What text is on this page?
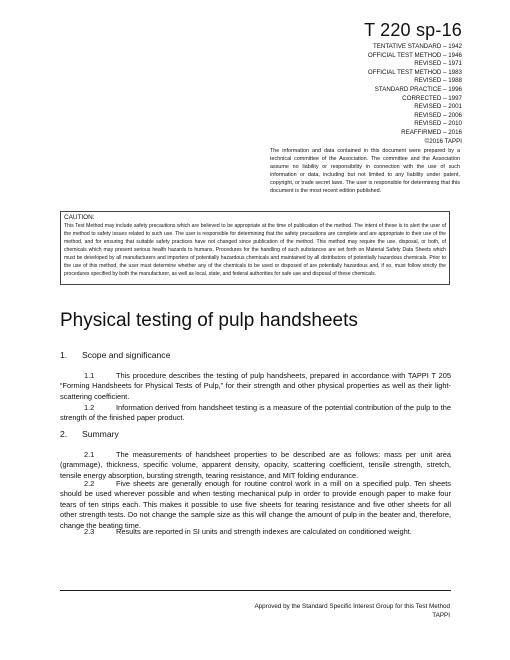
T 220 sp-16
TENTATIVE STANDARD – 1942
OFFICIAL TEST METHOD – 1946
REVISED – 1971
OFFICIAL TEST METHOD – 1983
REVISED – 1988
STANDARD PRACTICE – 1996
CORRECTED – 1997
REVISED – 2001
REVISED – 2006
REVISED – 2010
REAFFIRMED – 2016
©2016 TAPPI
The information and data contained in this document were prepared by a technical committee of the Association. The committee and the Association assume no liability or responsibility in connection with the use of such information or data, including but not limited to any liability under patent, copyright, or trade secret laws. The user is responsible for determining that this document is the most recent edition published.
CAUTION:
This Test Method may include safety precautions which are believed to be appropriate at the time of publication of the method. The intent of these is to alert the user of the method to safety issues related to such use. The user is responsible for determining that the safety precautions are complete and are appropriate to their use of the method, and for ensuring that suitable safety practices have not changed since publication of the method. This method may require the use, disposal, or both, of chemicals which may present serious health hazards to humans. Procedures for the handling of such substances are set forth on Material Safety Data Sheets which must be developed by all manufacturers and importers of potentially hazardous chemicals and maintained by all distributors of potentially hazardous chemicals. Prior to the use of this method, the user must determine whether any of the chemicals to be used or disposed of are potentially hazardous and, if so, must follow strictly the procedures specified by both the manufacturer, as well as local, state, and federal authorities for safe use and disposal of these chemicals.
Physical testing of pulp handsheets
1. Scope and significance
1.1	This procedure describes the testing of pulp handsheets, prepared in accordance with TAPPI T 205 “Forming Handsheets for Physical Tests of Pulp,” for their strength and other physical properties as well as their light-scattering coefficient.
1.2	Information derived from handsheet testing is a measure of the potential contribution of the pulp to the strength of the finished paper product.
2. Summary
2.1	The measurements of handsheet properties to be described are as follows: mass per unit area (grammage), thickness, specific volume, apparent density, opacity, scattering coefficient, tensile strength, stretch, tensile energy absorption, bursting strength, tearing resistance, and MIT folding endurance.
2.2	Five sheets are generally enough for routine control work in a mill on a specified pulp. Ten sheets should be used wherever possible and when testing mechanical pulp in order to provide enough paper to make four tears of ten strips each. This makes it possible to use five sheets for tearing resistance and five other sheets for all other strength tests. Do not change the sample size as this will change the amount of pulp in the beater and, therefore, change the beating time.
2.3	Results are reported in SI units and strength indexes are calculated on conditioned weight.
Approved by the Standard Specific Interest Group for this Test Method
TAPPI
